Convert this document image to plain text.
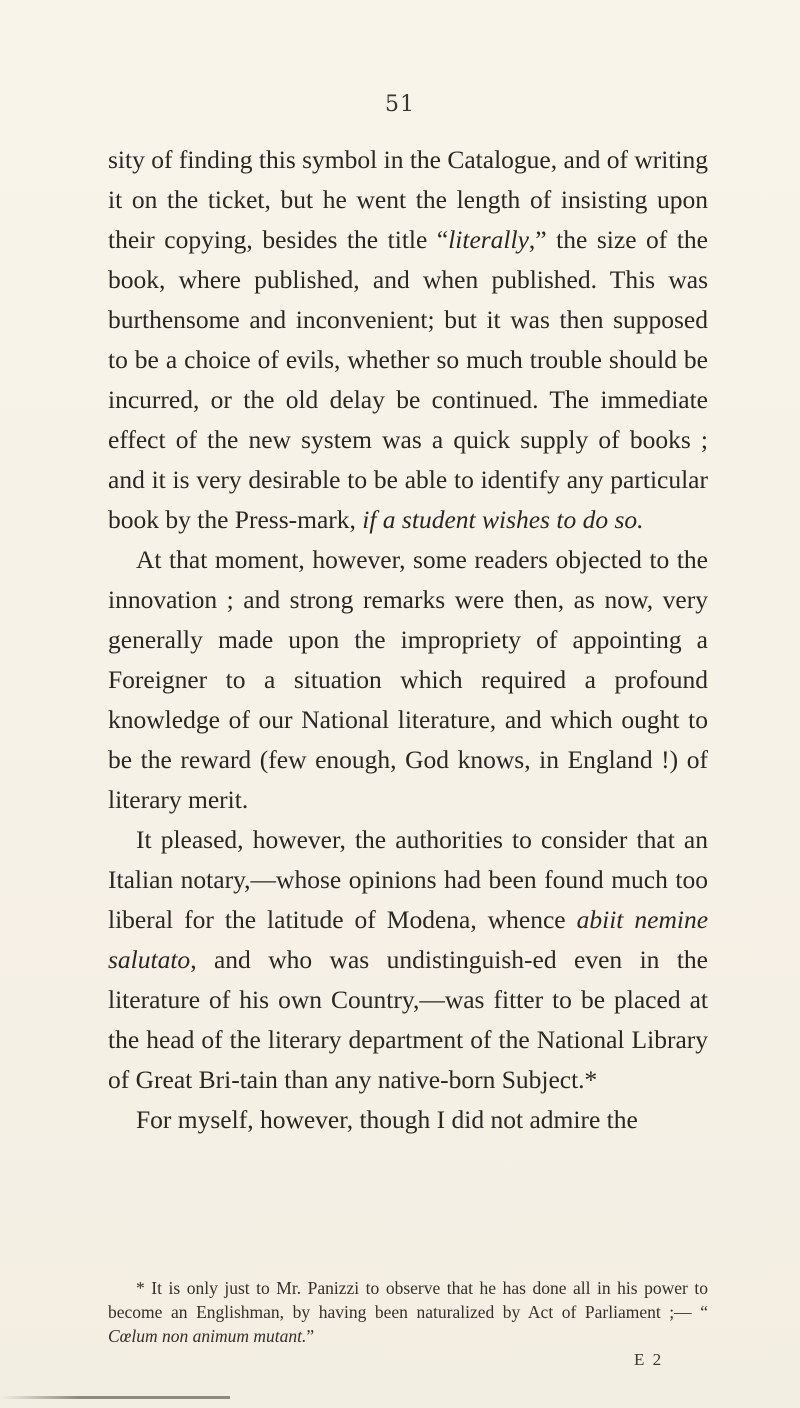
51

sity of finding this symbol in the Catalogue, and of writing it on the ticket, but he went the length of insisting upon their copying, besides the title “literally,” the size of the book, where published, and when published. This was burthensome and inconvenient; but it was then supposed to be a choice of evils, whether so much trouble should be incurred, or the old delay be continued. The immediate effect of the new system was a quick supply of books ; and it is very desirable to be able to identify any particular book by the Press-mark, if a student wishes to do so.

At that moment, however, some readers objected to the innovation ; and strong remarks were then, as now, very generally made upon the impropriety of appointing a Foreigner to a situation which required a profound knowledge of our National literature, and which ought to be the reward (few enough, God knows, in England !) of literary merit.

It pleased, however, the authorities to consider that an Italian notary,—whose opinions had been found much too liberal for the latitude of Modena, whence abiit nemine salutato, and who was undistinguish-ed even in the literature of his own Country,—was fitter to be placed at the head of the literary department of the National Library of Great Bri-tain than any native-born Subject.*

For myself, however, though I did not admire the

* It is only just to Mr. Panizzi to observe that he has done all in his power to become an Englishman, by having been naturalized by Act of Parliament ;— “ Cœlum non animum mutant.”
E 2
